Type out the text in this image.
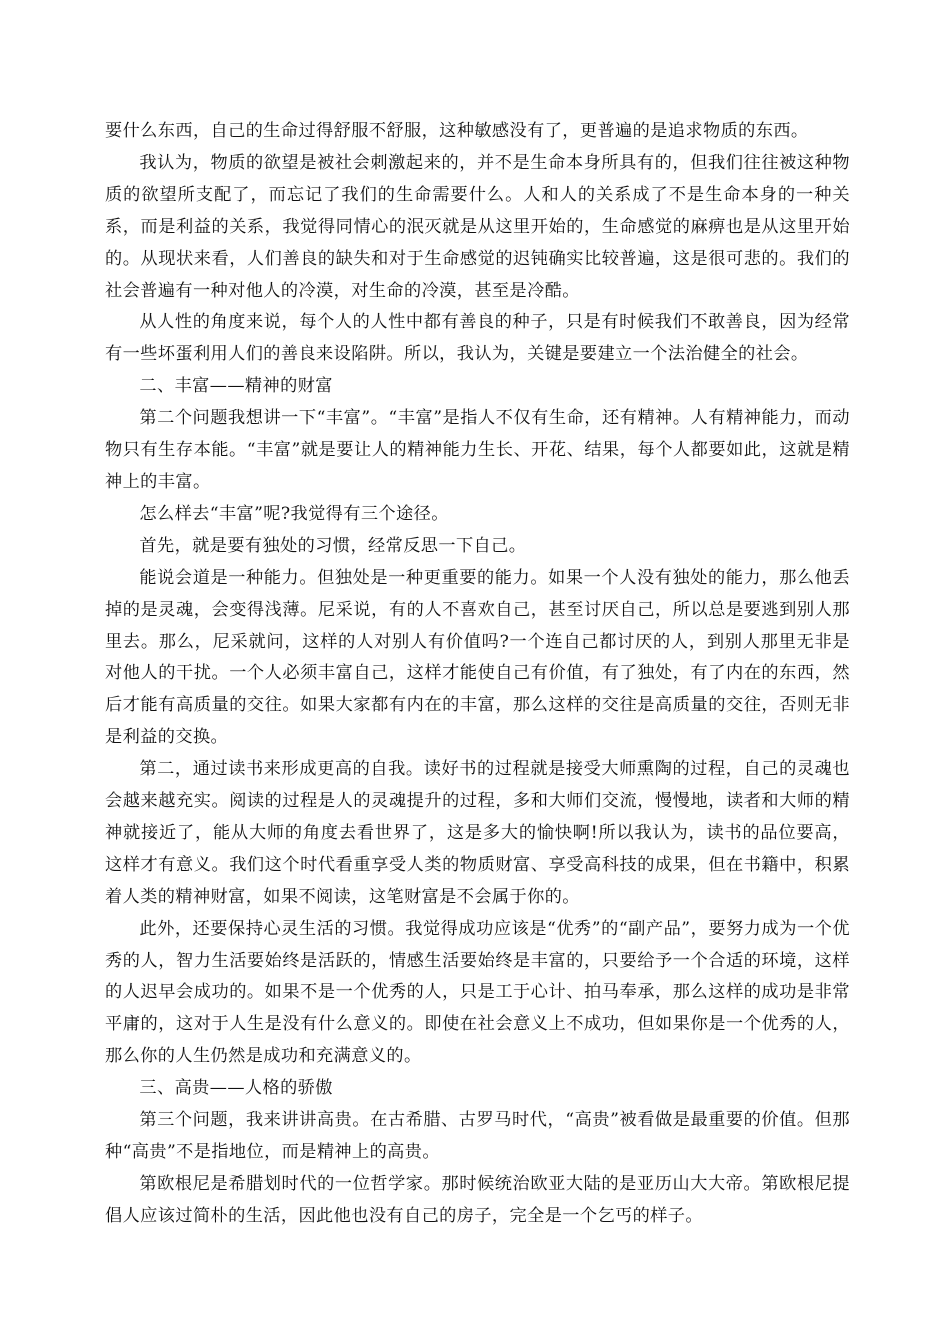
要什么东西，自己的生命过得舒服不舒服，这种敏感没有了，更普遍的是追求物质的东西。

我认为，物质的欲望是被社会刺激起来的，并不是生命本身所具有的，但我们往往被这种物质的欲望所支配了，而忘记了我们的生命需要什么。人和人的关系成了不是生命本身的一种关系，而是利益的关系，我觉得同情心的泯灭就是从这里开始的，生命感觉的麻痹也是从这里开始的。从现状来看，人们善良的缺失和对于生命感觉的迟钝确实比较普遍，这是很可悲的。我们的社会普遍有一种对他人的冷漠，对生命的冷漠，甚至是冷酷。

从人性的角度来说，每个人的人性中都有善良的种子，只是有时候我们不敢善良，因为经常有一些坏蛋利用人们的善良来设陷阱。所以，我认为，关键是要建立一个法治健全的社会。

二、丰富——精神的财富

第二个问题我想讲一下“丰富”。“丰富”是指人不仅有生命，还有精神。人有精神能力，而动物只有生存本能。“丰富”就是要让人的精神能力生长、开花、结果，每个人都要如此，这就是精神上的丰富。

怎么样去“丰富”呢?我觉得有三个途径。

首先，就是要有独处的习惯，经常反思一下自己。

能说会道是一种能力。但独处是一种更重要的能力。如果一个人没有独处的能力，那么他丢掉的是灵魂，会变得浅薄。尼采说，有的人不喜欢自己，甚至讨厌自己，所以总是要逃到别人那里去。那么，尼采就问，这样的人对别人有价值吗?一个连自己都讨厌的人，到别人那里无非是对他人的干扰。一个人必须丰富自己，这样才能使自己有价值，有了独处，有了内在的东西，然后才能有高质量的交往。如果大家都有内在的丰富，那么这样的交往是高质量的交往，否则无非是利益的交换。

第二，通过读书来形成更高的自我。读好书的过程就是接受大师熏陶的过程，自己的灵魂也会越来越充实。阅读的过程是人的灵魂提升的过程，多和大师们交流，慢慢地，读者和大师的精神就接近了，能从大师的角度去看世界了，这是多大的愉快啊!所以我认为，读书的品位要高，这样才有意义。我们这个时代看重享受人类的物质财富、享受高科技的成果，但在书籍中，积累着人类的精神财富，如果不阅读，这笔财富是不会属于你的。

此外，还要保持心灵生活的习惯。我觉得成功应该是“优秀”的“副产品”，要努力成为一个优秀的人，智力生活要始终是活跃的，情感生活要始终是丰富的，只要给予一个合适的环境，这样的人迟早会成功的。如果不是一个优秀的人，只是工于心计、拍马奉承，那么这样的成功是非常平庸的，这对于人生是没有什么意义的。即使在社会意义上不成功，但如果你是一个优秀的人，那么你的人生仍然是成功和充满意义的。

三、高贵——人格的骄傲

第三个问题，我来讲讲高贵。在古希腊、古罗马时代，“高贵”被看做是最重要的价值。但那种“高贵”不是指地位，而是精神上的高贵。

第欧根尼是希腊划时代的一位哲学家。那时候统治欧亚大陆的是亚历山大大帝。第欧根尼提倡人应该过简朴的生活，因此他也没有自己的房子，完全是一个乞丐的样子。
